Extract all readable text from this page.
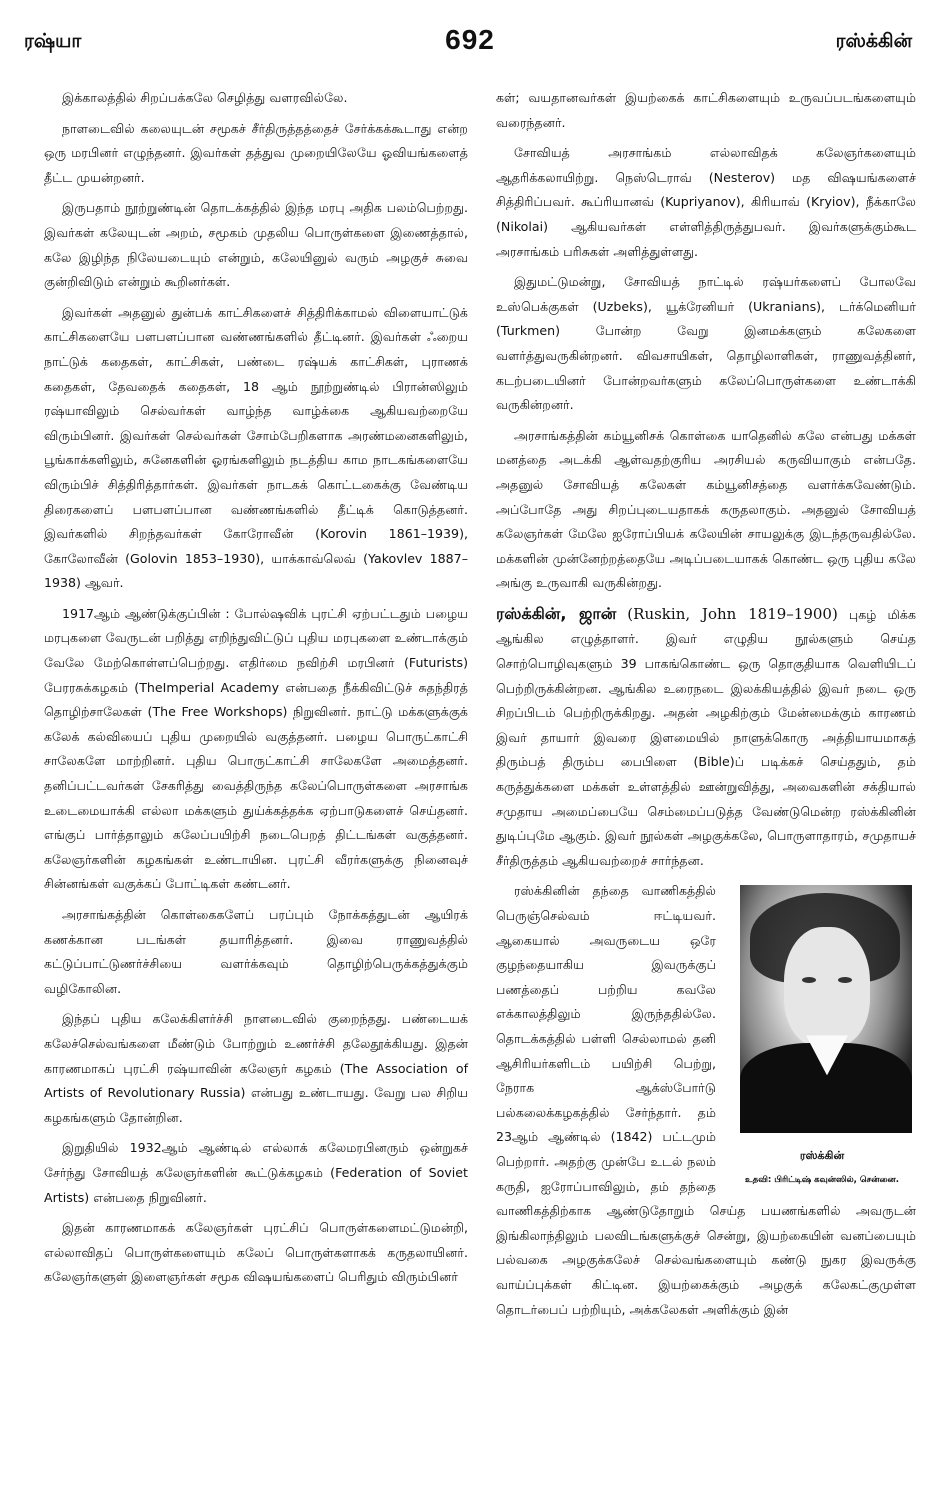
ரஷ்யா	692	ரஸ்க்கின்

இக்காலத்தில் சிறப்பக்கலே செழித்து வளரவில்லே.

நாளடைவில் கலையுடன் சமூகச் சீர்திருத்தத்தைச் சேர்க்கக்கூடாது என்ற ஒரு மரபினர் எழுந்தனர். இவர்கள் தத்துவ முறையிலேயே ஓவியங்களைத் தீட்ட முயன்றனர்.

இருபதாம் நூற்றுண்டின் தொடக்கத்தில் இந்த மரபு அதிக பலம்பெற்றது. இவர்கள் கலேயுடன் அறம், சமூகம் முதலிய பொருள்களை இணைத்தால், கலே இழிந்த நிலேயடையும் என்றும், கலேயினுல் வரும் அழகுச் சுவை குன்றிவிடும் என்றும் கூறினர்கள்.

இவர்கள் அதனுல் துன்பக் காட்சிகளைச் சித்திரிக்காமல் விளையாட்டுக் காட்சிகளையே பளபளப்பான வண்ணங்களில் தீட்டினர். இவர்கள் ஃறைய நாட்டுக் கதைகள், காட்சிகள், பண்டை ரஷ்யக் காட்சிகள், புராணக் கதைகள், தேவதைக் கதைகள், 18 ஆம் நூற்றுண்டில் பிரான்ஸிலும் ரஷ்யாவிலும் செல்வர்கள் வாழ்ந்த வாழ்க்கை ஆகியவற்றையே விரும்பினர். இவர்கள் செல்வர்கள் சோம்பேறிகளாக அரண்மனைகளிலும், பூங்காக்களிலும், சுனேகளின் ஓரங்களிலும் நடத்திய காம நாடகங்களையே விரும்பிச் சித்திரித்தார்கள். இவர்கள் நாடகக் கொட்டகைக்கு வேண்டிய திரைகளைப் பளபளப்பான வண்ணங்களில் தீட்டிக் கொடுத்தனர். இவர்களில் சிறந்தவர்கள் கோரோவீன் (Korovin 1861–1939), கோலோவீன் (Golovin 1853–1930), யாக்காவ்லெவ் (Yakovlev 1887–1938) ஆவர்.

1917ஆம் ஆண்டுக்குப்பின் : போல்ஷவிக் புரட்சி ஏற்பட்டதும் பழைய மரபுகளை வேருடன் பறித்து எறிந்துவிட்டுப் புதிய மரபுகளை உண்டாக்கும் வேலே மேற்கொள்ளப்பெற்றது. எதிர்மை நவிற்சி மரபினர் (Futurists) பேரரசுக்கழகம் (TheImperial Academy என்பதை நீக்கிவிட்டுச் சுதந்திரத் தொழிற்சாலேகள் (The Free Workshops) நிறுவினர். நாட்டு மக்களுக்குக் கலேக் கல்வியைப் புதிய முறையில் வகுத்தனர். பழைய பொருட்காட்சி சாலேகளே மாற்றினர். புதிய பொருட்காட்சி சாலேகளே அமைத்தனர். தனிப்பட்டவர்கள் சேகரித்து வைத்திருந்த கலேப்பொருள்களை அரசாங்க உடைமையாக்கி எல்லா மக்களும் துய்க்கத்தக்க ஏற்பாடுகளைச் செய்தனர். எங்குப் பார்த்தாலும் கலேப்பயிற்சி நடைபெறத் திட்டங்கள் வகுத்தனர். கலேஞர்களின் கழகங்கள் உண்டாயின. புரட்சி வீரர்களுக்கு நினைவுச் சின்னங்கள் வகுக்கப் போட்டிகள் கண்டனர்.

அரசாங்கத்தின் கொள்கைகளேப் பரப்பும் நோக்கத்துடன் ஆயிரக் கணக்கான படங்கள் தயாரித்தனர். இவை ராணுவத்தில் கட்டுப்பாட்டுணர்ச்சியை வளர்க்கவும் தொழிற்பெருக்கத்துக்கும் வழிகோலின.

இந்தப் புதிய கலேக்கிளர்ச்சி நாளடைவில் குறைந்தது. பண்டையக் கலேச்செல்வங்களை மீண்டும் போற்றும் உணர்ச்சி தலேதூக்கியது. இதன் காரணமாகப் புரட்சி ரஷ்யாவின் கலேஞர் கழகம் (The Association of Artists of Revolutionary Russia) என்பது உண்டாயது. வேறு பல சிறிய கழகங்களும் தோன்றின.

இறுதியில் 1932ஆம் ஆண்டில் எல்லாக் கலேமரபினரும் ஒன்றுகச் சேர்ந்து சோவியத் கலேஞர்களின் கூட்டுக்கழகம் (Federation of Soviet Artists) என்பதை நிறுவினர்.

இதன் காரணமாகக் கலேஞர்கள் புரட்சிப் பொருள்களைமட்டுமன்றி, எல்லாவிதப் பொருள்களையும் கலேப் பொருள்களாகக் கருதலாயினர். கலேஞர்களுள் இளைஞர்கள் சமூக விஷயங்களைப் பெரிதும் விரும்பினர்

கள்; வயதானவர்கள் இயற்கைக் காட்சிகளையும் உருவப்படங்களையும் வரைந்தனர்.

சோவியத் அரசாங்கம் எல்லாவிதக் கலேஞர்களையும் ஆதரிக்கலாயிற்று. நெஸ்டெராவ் (Nesterov) மத விஷயங்களைச் சித்திரிப்பவர். கூப்ரியானவ் (Kupriyanov), கிரியாவ் (Kryiov), நீக்காலே (Nikolai) ஆகியவர்கள் எள்ளித்திருத்துபவர். இவர்களுக்கும்கூட அரசாங்கம் பரிசுகள் அளித்துள்ளது.

இதுமட்டுமன்று, சோவியத் நாட்டில் ரஷ்யர்களைப் போலவே உஸ்பெக்குகள் (Uzbeks), யூக்ரேனியர் (Ukranians), டர்க்மெனியர் (Turkmen) போன்ற வேறு இனமக்களும் கலேகளை வளர்த்துவருகின்றனர். விவசாயிகள், தொழிலாளிகள், ராணுவத்தினர், கடற்படையினர் போன்றவர்களும் கலேப்பொருள்களை உண்டாக்கி வருகின்றனர்.

அரசாங்கத்தின் கம்யூனிசக் கொள்கை யாதெனில் கலே என்பது மக்கள் மனத்தை அடக்கி ஆள்வதற்குரிய அரசியல் கருவியாகும் என்பதே. அதனுல் சோவியத் கலேகள் கம்யூனிசத்தை வளர்க்கவேண்டும். அப்போதே அது சிறப்புடையதாகக் கருதலாகும். அதனுல் சோவியத் கலேஞர்கள் மேலே ஐரோப்பியக் கலேயின் சாயலுக்கு இடந்தருவதில்லே. மக்களின் முன்னேற்றத்தையே அடிப்படையாகக் கொண்ட ஒரு புதிய கலே அங்கு உருவாகி வருகின்றது.

ரஸ்க்கின், ஜான் (Ruskin, John 1819–1900) புகழ் மிக்க ஆங்கில எழுத்தாளர். இவர் எழுதிய நூல்களும் செய்த சொற்பொழிவுகளும் 39 பாகங்கொண்ட ஒரு தொகுதியாக வெளியிடப் பெற்றிருக்கின்றன. ஆங்கில உரைநடை இலக்கியத்தில் இவர் நடை ஒரு சிறப்பிடம் பெற்றிருக்கிறது. அதன் அழகிற்கும் மேன்மைக்கும் காரணம் இவர் தாயார் இவரை இளமையில் நாளுக்கொரு அத்தியாயமாகத் திரும்பத் திரும்ப பைபிளை (Bible)ப் படிக்கச் செய்ததும், தம் கருத்துக்களை மக்கள் உள்ளத்தில் ஊன்றுவித்து, அவைகளின் சக்தியால் சமுதாய அமைப்பையே செம்மைப்படுத்த வேண்டுமென்ற ரஸ்க்கினின் துடிப்புமே ஆகும். இவர் நூல்கள் அழகுக்கலே, பொருளாதாரம், சமுதாயச் சீர்திருத்தம் ஆகியவற்றைச் சார்ந்தன.

ரஸ்க்கின்
உதவி: பிரிட்டிஷ் கவுன்ஸில், சென்னை.

ரஸ்க்கினின் தந்தை வாணிகத்தில் பெருஞ்செல்வம் ஈட்டியவர். ஆகையால் அவருடைய ஒரே குழந்தையாகிய இவருக்குப் பணத்தைப் பற்றிய கவலே எக்காலத்திலும் இருந்ததில்லே. தொடக்கத்தில் பள்ளி செல்லாமல் தனி ஆசிரியர்களிடம் பயிற்சி பெற்று, நேராக ஆக்ஸ்போர்டு பல்கலைக்கழகத்தில் சேர்ந்தார். தம் 23ஆம் ஆண்டில் (1842) பட்டமும் பெற்றார். அதற்கு முன்பே உடல் நலம் கருதி, ஐரோப்பாவிலும், தம் தந்தை வாணிகத்திற்காக ஆண்டுதோறும் செய்த பயணங்களில் அவருடன் இங்கிலாந்திலும் பலவிடங்களுக்குச் சென்று, இயற்கையின் வனப்பையும் பல்வகை அழகுக்கலேச் செல்வங்களையும் கண்டு நுகர இவருக்கு வாய்ப்புக்கள் கிட்டின. இயற்கைக்கும் அழகுக் கலேகட்குமுள்ள தொடர்பைப் பற்றியும், அக்கலேகள் அளிக்கும் இன்
